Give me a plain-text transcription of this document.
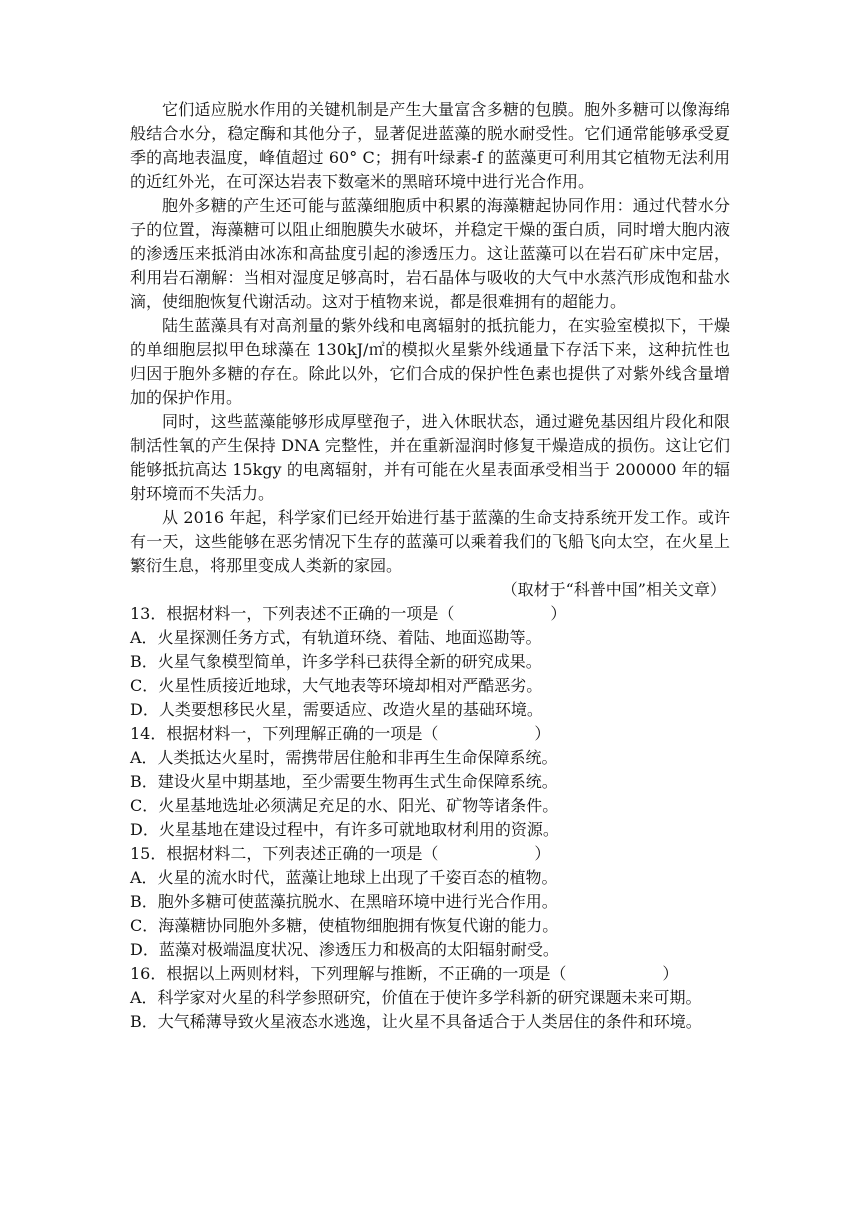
它们适应脱水作用的关键机制是产生大量富含多糖的包膜。胞外多糖可以像海绵般结合水分，稳定酶和其他分子，显著促进蓝藻的脱水耐受性。它们通常能够承受夏季的高地表温度，峰值超过 60° C；拥有叶绿素-f 的蓝藻更可利用其它植物无法利用的近红外光，在可深达岩表下数毫米的黑暗环境中进行光合作用。

胞外多糖的产生还可能与蓝藻细胞质中积累的海藻糖起协同作用：通过代替水分子的位置，海藻糖可以阻止细胞膜失水破坏，并稳定干燥的蛋白质，同时增大胞内液的渗透压来抵消由冰冻和高盐度引起的渗透压力。这让蓝藻可以在岩石矿床中定居，利用岩石潮解：当相对湿度足够高时，岩石晶体与吸收的大气中水蒸汽形成饱和盐水滴，使细胞恢复代谢活动。这对于植物来说，都是很难拥有的超能力。

陆生蓝藻具有对高剂量的紫外线和电离辐射的抵抗能力，在实验室模拟下，干燥的单细胞层拟甲色球藻在 130kJ/㎡的模拟火星紫外线通量下存活下来，这种抗性也归因于胞外多糖的存在。除此以外，它们合成的保护性色素也提供了对紫外线含量增加的保护作用。

同时，这些蓝藻能够形成厚壁孢子，进入休眠状态，通过避免基因组片段化和限制活性氧的产生保持 DNA 完整性，并在重新湿润时修复干燥造成的损伤。这让它们能够抵抗高达 15kgy 的电离辐射，并有可能在火星表面承受相当于 200000 年的辐射环境而不失活力。

从 2016 年起，科学家们已经开始进行基于蓝藻的生命支持系统开发工作。或许有一天，这些能够在恶劣情况下生存的蓝藻可以乘着我们的飞船飞向太空，在火星上繁衍生息，将那里变成人类新的家园。

（取材于“科普中国”相关文章）

13．根据材料一，下列表述不正确的一项是（　　　　　　）

A．火星探测任务方式，有轨道环绕、着陆、地面巡勘等。

B．火星气象模型简单，许多学科已获得全新的研究成果。

C．火星性质接近地球，大气地表等环境却相对严酷恶劣。

D．人类要想移民火星，需要适应、改造火星的基础环境。

14．根据材料一，下列理解正确的一项是（　　　　　　）

A．人类抵达火星时，需携带居住舱和非再生生命保障系统。

B．建设火星中期基地，至少需要生物再生式生命保障系统。

C．火星基地选址必须满足充足的水、阳光、矿物等诸条件。

D．火星基地在建设过程中，有许多可就地取材利用的资源。

15．根据材料二，下列表述正确的一项是（　　　　　　）

A．火星的流水时代，蓝藻让地球上出现了千姿百态的植物。

B．胞外多糖可使蓝藻抗脱水、在黑暗环境中进行光合作用。

C．海藻糖协同胞外多糖，使植物细胞拥有恢复代谢的能力。

D．蓝藻对极端温度状况、渗透压力和极高的太阳辐射耐受。

16．根据以上两则材料，下列理解与推断，不正确的一项是（　　　　　　）

A．科学家对火星的科学参照研究，价值在于使许多学科新的研究课题未来可期。

B．大气稀薄导致火星液态水逃逸，让火星不具备适合于人类居住的条件和环境。
